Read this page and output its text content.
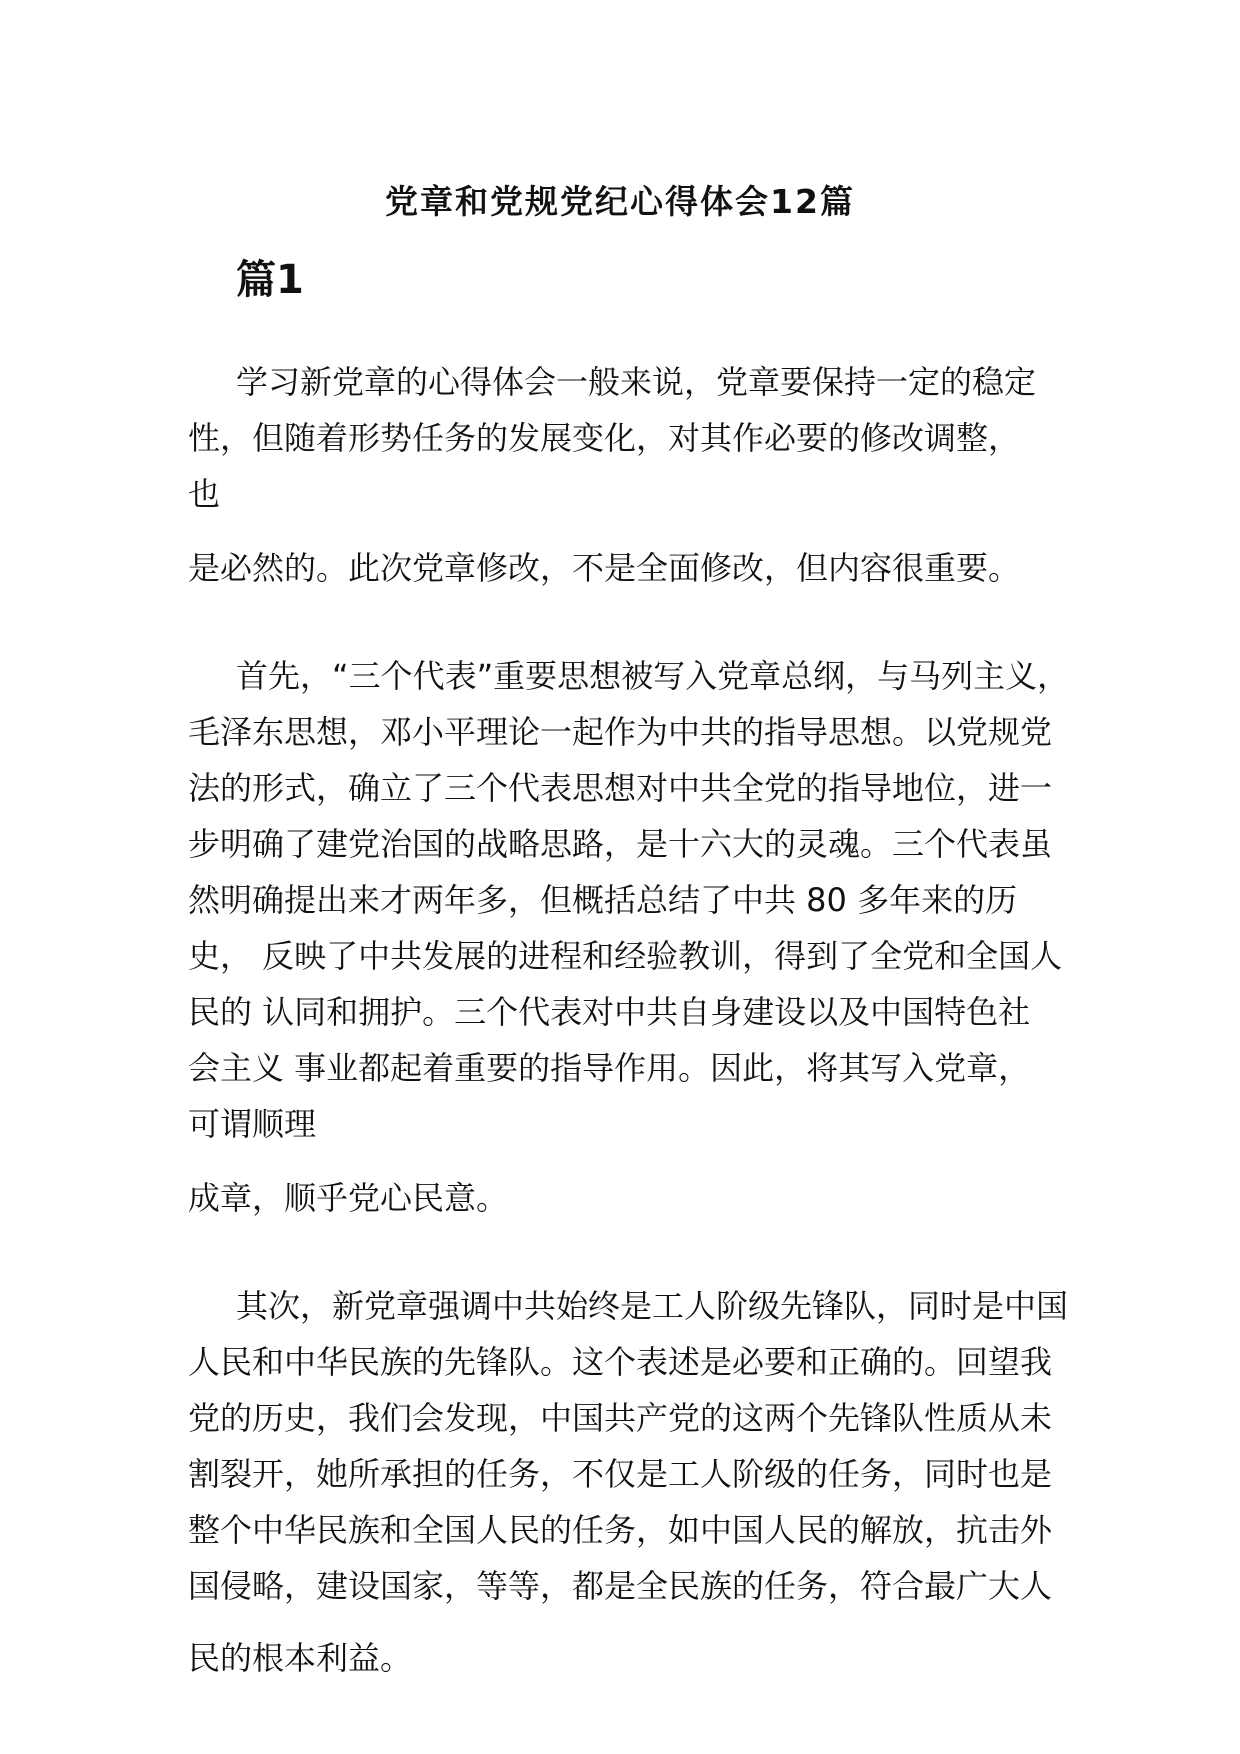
党章和党规党纪心得体会12篇
篇1
学习新党章的心得体会一般来说，党章要保持一定的稳定
性，但随着形势任务的发展变化，对其作必要的修改调整，
也
是必然的。此次党章修改，不是全面修改，但内容很重要。
首先，“三个代表”重要思想被写入党章总纲，与马列主义，
毛泽东思想，邓小平理论一起作为中共的指导思想。以党规党
法的形式，确立了三个代表思想对中共全党的指导地位，进一
步明确了建党治国的战略思路，是十六大的灵魂。三个代表虽
然明确提出来才两年多，但概括总结了中共 80 多年来的历
史， 反映了中共发展的进程和经验教训，得到了全党和全国人
民的 认同和拥护。三个代表对中共自身建设以及中国特色社
会主义 事业都起着重要的指导作用。因此，将其写入党章，
可谓顺理
成章，顺乎党心民意。
其次，新党章强调中共始终是工人阶级先锋队，同时是中国
人民和中华民族的先锋队。这个表述是必要和正确的。回望我
党的历史，我们会发现，中国共产党的这两个先锋队性质从未
割裂开，她所承担的任务，不仅是工人阶级的任务，同时也是
整个中华民族和全国人民的任务，如中国人民的解放，抗击外
国侵略，建设国家，等等，都是全民族的任务，符合最广大人
民的根本利益。
